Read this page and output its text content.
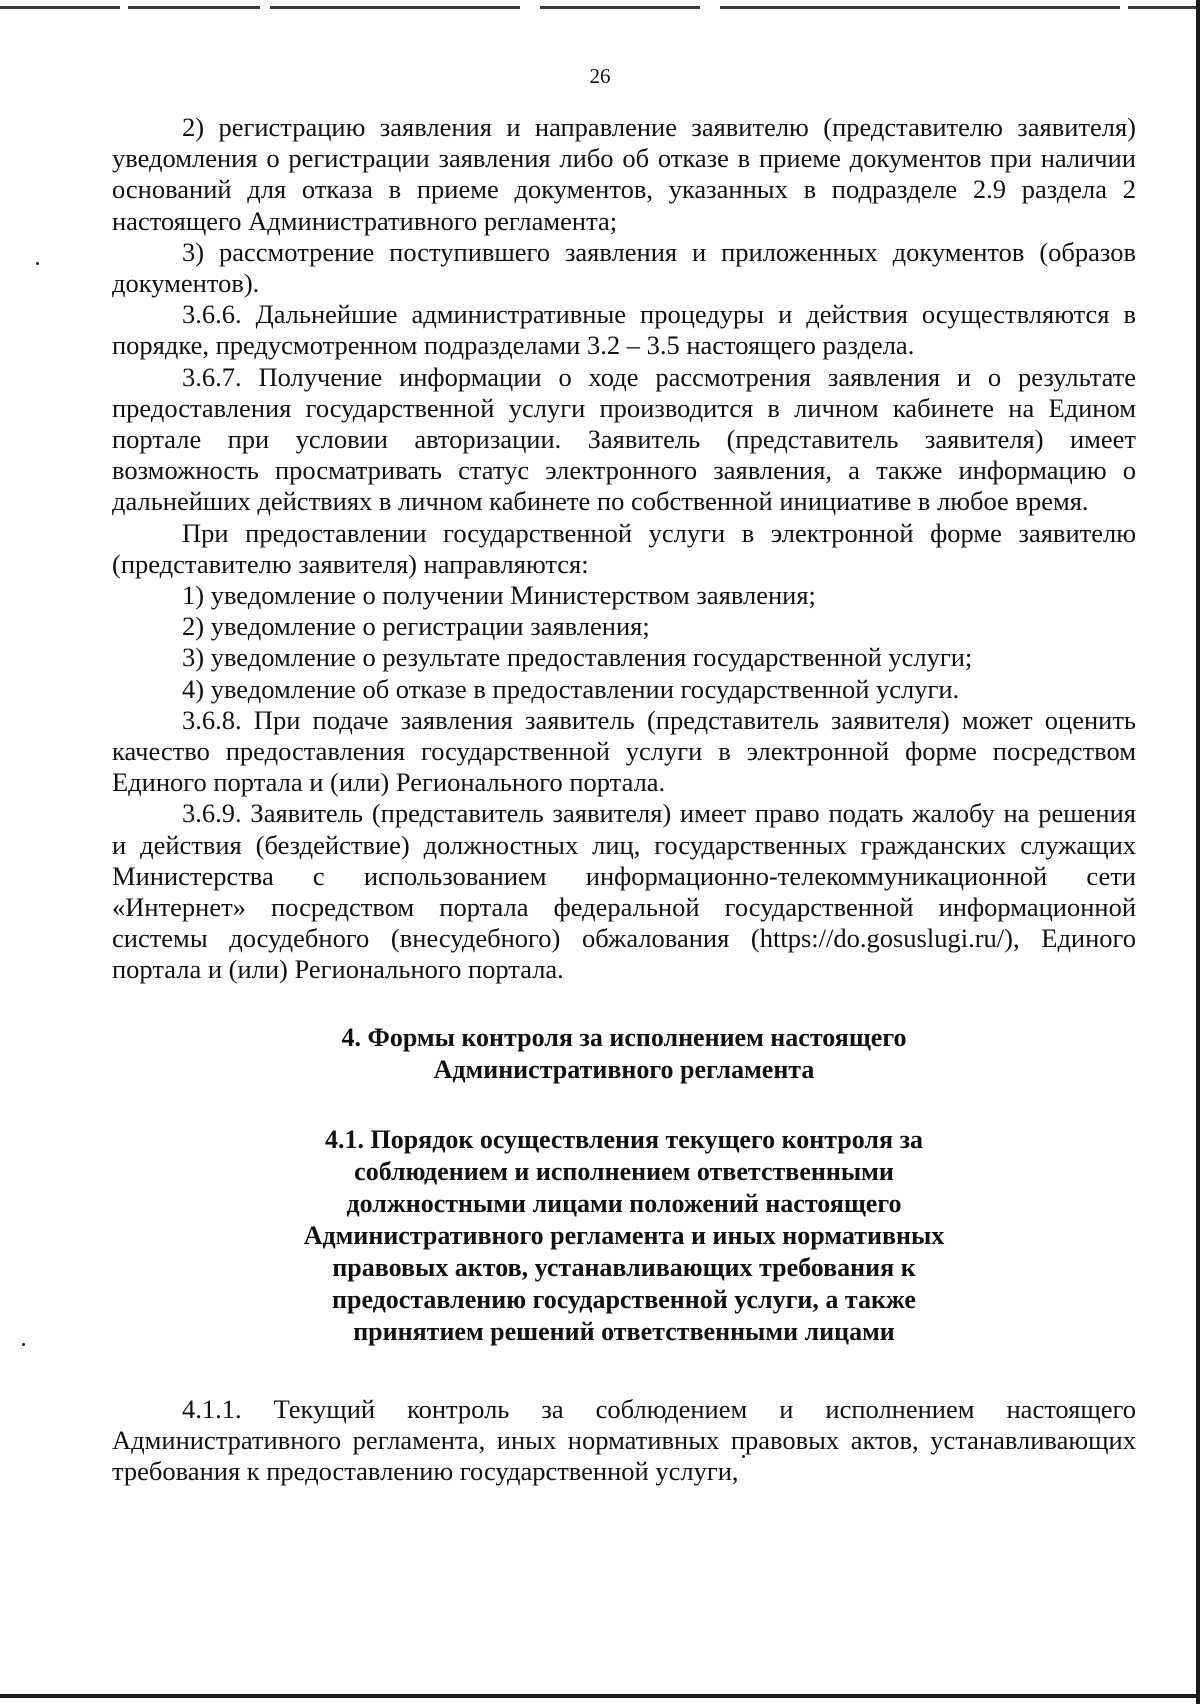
26

2) регистрацию заявления и направление заявителю (представителю заявителя) уведомления о регистрации заявления либо об отказе в приеме документов при наличии оснований для отказа в приеме документов, указанных в подразделе 2.9 раздела 2 настоящего Административного регламента;

3) рассмотрение поступившего заявления и приложенных документов (образов документов).

3.6.6. Дальнейшие административные процедуры и действия осуществляются в порядке, предусмотренном подразделами 3.2 – 3.5 настоящего раздела.

3.6.7. Получение информации о ходе рассмотрения заявления и о результате предоставления государственной услуги производится в личном кабинете на Едином портале при условии авторизации. Заявитель (представитель заявителя) имеет возможность просматривать статус электронного заявления, а также информацию о дальнейших действиях в личном кабинете по собственной инициативе в любое время.

При предоставлении государственной услуги в электронной форме заявителю (представителю заявителя) направляются:

1) уведомление о получении Министерством заявления;

2) уведомление о регистрации заявления;

3) уведомление о результате предоставления государственной услуги;

4) уведомление об отказе в предоставлении государственной услуги.

3.6.8. При подаче заявления заявитель (представитель заявителя) может оценить качество предоставления государственной услуги в электронной форме посредством Единого портала и (или) Регионального портала.

3.6.9. Заявитель (представитель заявителя) имеет право подать жалобу на решения и действия (бездействие) должностных лиц, государственных гражданских служащих Министерства с использованием информационно-телекоммуникационной сети «Интернет» посредством портала федеральной государственной информационной системы досудебного (внесудебного) обжалования (https://do.gosuslugi.ru/), Единого портала и (или) Регионального портала.

4. Формы контроля за исполнением настоящего Административного регламента
4.1. Порядок осуществления текущего контроля за соблюдением и исполнением ответственными должностными лицами положений настоящего Административного регламента и иных нормативных правовых актов, устанавливающих требования к предоставлению государственной услуги, а также принятием решений ответственными лицами

4.1.1. Текущий контроль за соблюдением и исполнением настоящего Административного регламента, иных нормативных правовых актов, устанавливающих требования к предоставлению государственной услуги,
